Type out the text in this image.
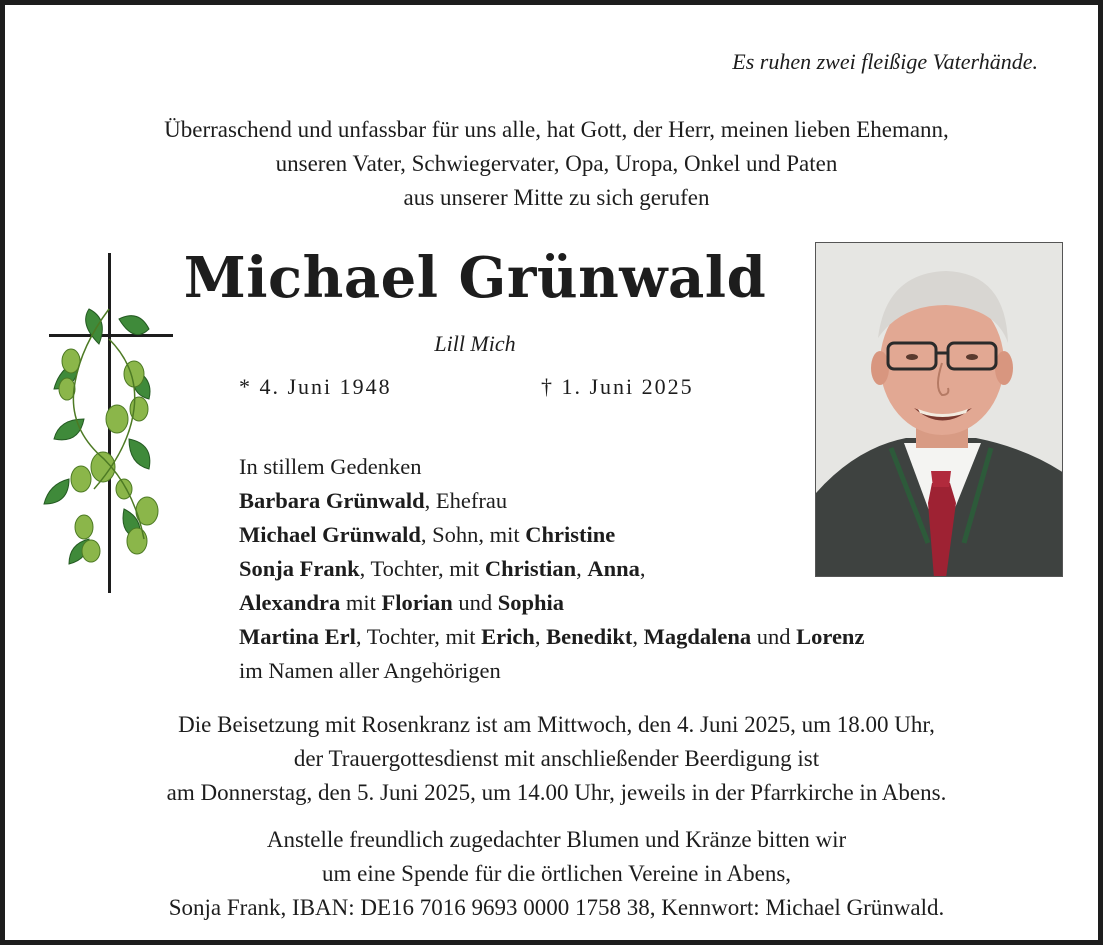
Es ruhen zwei fleißige Vaterhände.
Überraschend und unfassbar für uns alle, hat Gott, der Herr, meinen lieben Ehemann,
unseren Vater, Schwiegervater, Opa, Uropa, Onkel und Paten
aus unserer Mitte zu sich gerufen
Michael Grünwald
Lill Mich
* 4. Juni 1948	† 1. Juni 2025
In stillem Gedenken
Barbara Grünwald, Ehefrau
Michael Grünwald, Sohn, mit Christine
Sonja Frank, Tochter, mit Christian, Anna,
Alexandra mit Florian und Sophia
Martina Erl, Tochter, mit Erich, Benedikt, Magdalena und Lorenz
im Namen aller Angehörigen
Die Beisetzung mit Rosenkranz ist am Mittwoch, den 4. Juni 2025, um 18.00 Uhr,
der Trauergottesdienst mit anschließender Beerdigung ist
am Donnerstag, den 5. Juni 2025, um 14.00 Uhr, jeweils in der Pfarrkirche in Abens.
Anstelle freundlich zugedachter Blumen und Kränze bitten wir
um eine Spende für die örtlichen Vereine in Abens,
Sonja Frank, IBAN: DE16 7016 9693 0000 1758 38, Kennwort: Michael Grünwald.
